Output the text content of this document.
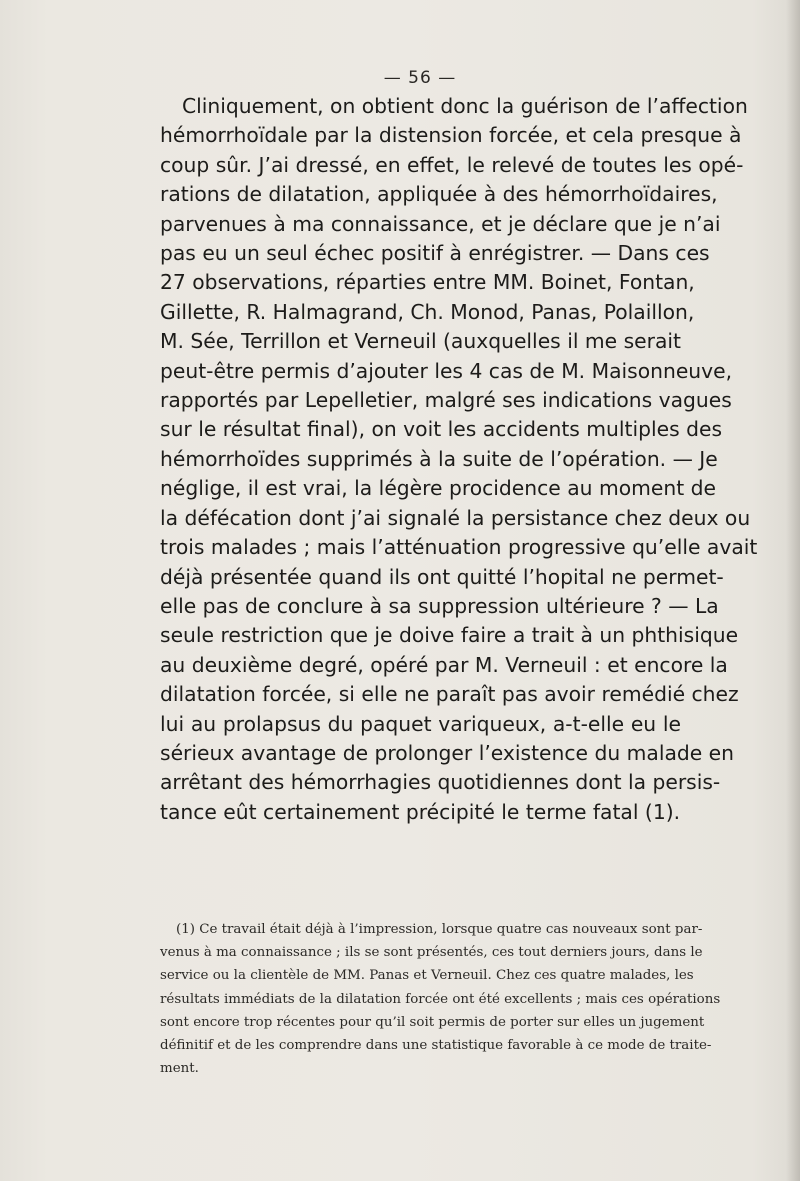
— 56 —
Cliniquement, on obtient donc la guérison de l’affection
hémorrhoïdale par la distension forcée, et cela presque à
coup sûr. J’ai dressé, en effet, le relevé de toutes les opé-
rations de dilatation, appliquée à des hémorrhoïdaires,
parvenues à ma connaissance, et je déclare que je n’ai
pas eu un seul échec positif à enrégistrer. — Dans ces
27 observations, réparties entre MM. Boinet, Fontan,
Gillette, R. Halmagrand, Ch. Monod, Panas, Polaillon,
M. Sée, Terrillon et Verneuil (auxquelles il me serait
peut-être permis d’ajouter les 4 cas de M. Maisonneuve,
rapportés par Lepelletier, malgré ses indications vagues
sur le résultat final), on voit les accidents multiples des
hémorrhoïdes supprimés à la suite de l’opération. — Je
néglige, il est vrai, la légère procidence au moment de
la défécation dont j’ai signalé la persistance chez deux ou
trois malades ; mais l’atténuation progressive qu’elle avait
déjà présentée quand ils ont quitté l’hopital ne permet-
elle pas de conclure à sa suppression ultérieure ? — La
seule restriction que je doive faire a trait à un phthisique
au deuxième degré, opéré par M. Verneuil : et encore la
dilatation forcée, si elle ne paraît pas avoir remédié chez
lui au prolapsus du paquet variqueux, a-t-elle eu le
sérieux avantage de prolonger l’existence du malade en
arrêtant des hémorrhagies quotidiennes dont la persis-
tance eût certainement précipité le terme fatal (1).
(1) Ce travail était déjà à l’impression, lorsque quatre cas nouveaux sont par-
venus à ma connaissance ; ils se sont présentés, ces tout derniers jours, dans le
service ou la clientèle de MM. Panas et Verneuil. Chez ces quatre malades, les
résultats immédiats de la dilatation forcée ont été excellents ; mais ces opérations
sont encore trop récentes pour qu’il soit permis de porter sur elles un jugement
définitif et de les comprendre dans une statistique favorable à ce mode de traite-
ment.
